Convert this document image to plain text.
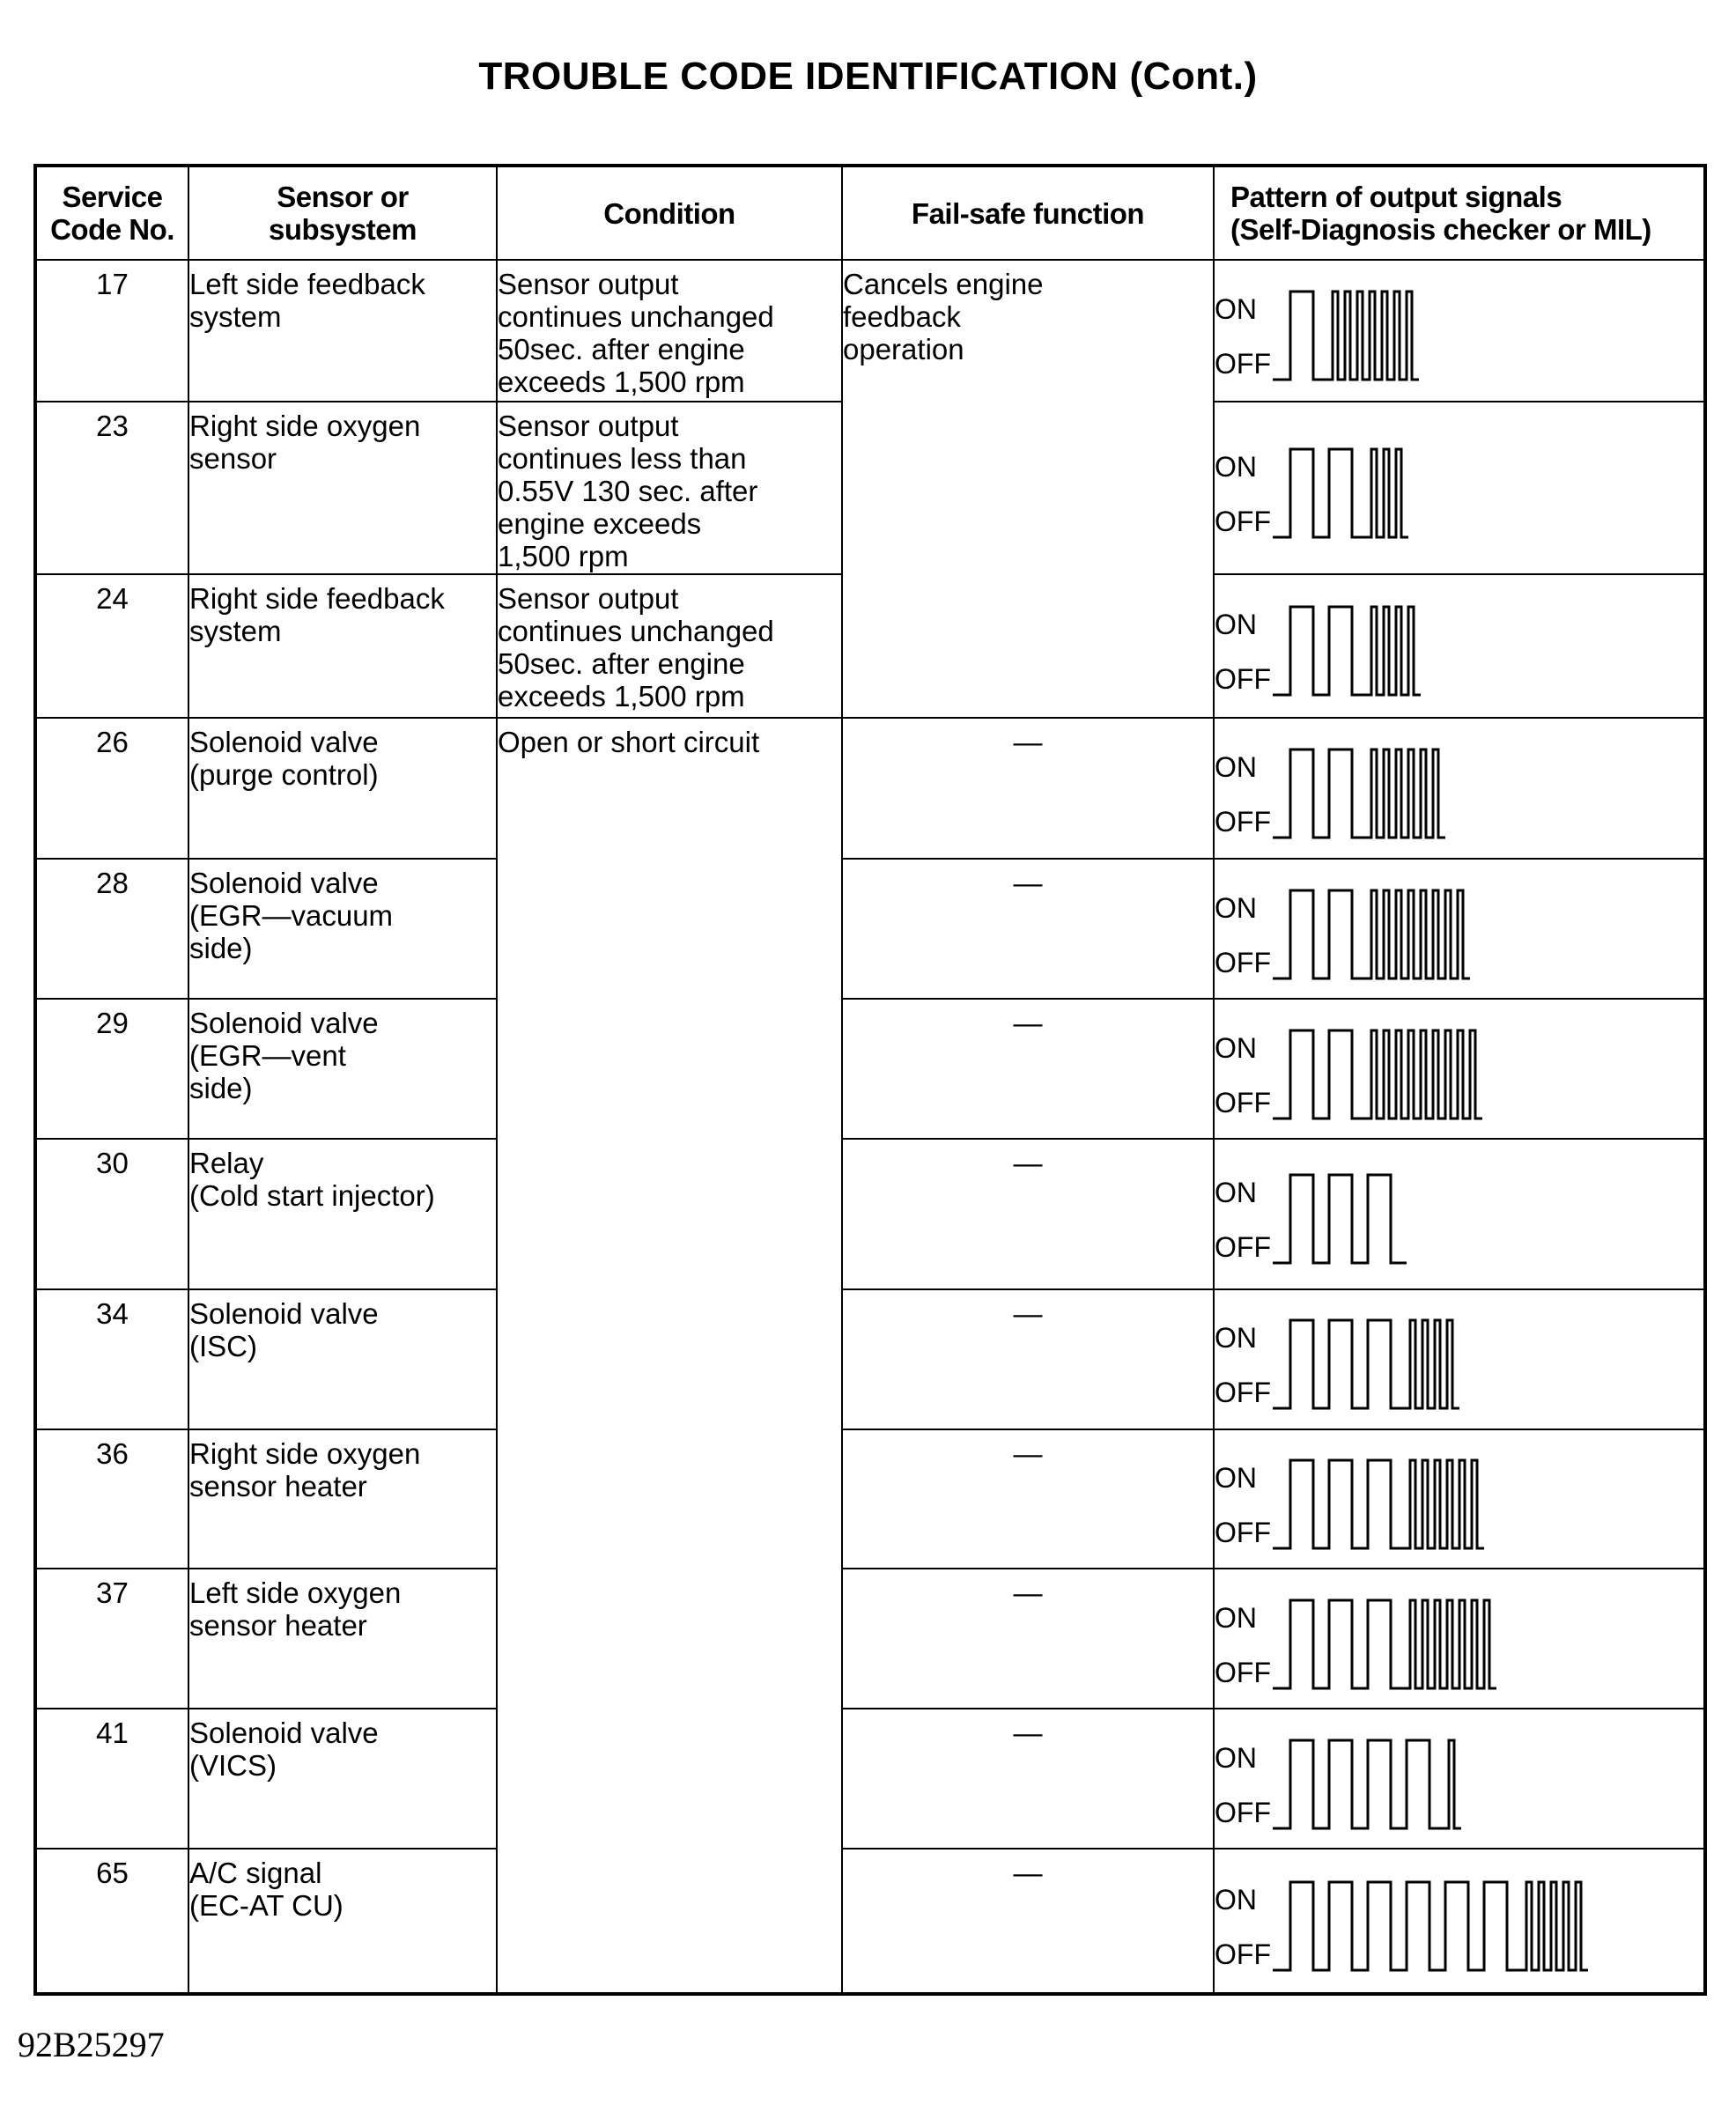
TROUBLE CODE IDENTIFICATION (Cont.)
Service
Code No.	Sensor or
subsystem	Condition	Fail-safe function	Pattern of output signals
(Self-Diagnosis checker or MIL)
17	Left side feedback
system	Sensor output
continues unchanged
50sec. after engine
exceeds 1,500 rpm	Cancels engine
feedback
operation	ON
OFF

23	Right side oxygen
sensor	Sensor output
continues less than
0.55V 130 sec. after
engine exceeds
1,500 rpm		ON
OFF

24	Right side feedback
system	Sensor output
continues unchanged
50sec. after engine
exceeds 1,500 rpm		ON
OFF

26	Solenoid valve
(purge control)	Open or short circuit	—	ON
OFF

28	Solenoid valve
(EGR—vacuum
side)		—	ON
OFF

29	Solenoid valve
(EGR—vent
side)		—	ON
OFF

30	Relay
(Cold start injector)		—	ON
OFF

34	Solenoid valve
(ISC)		—	ON
OFF

36	Right side oxygen
sensor heater		—	ON
OFF

37	Left side oxygen
sensor heater		—	ON
OFF

41	Solenoid valve
(VICS)		—	ON
OFF

65	A/C signal
(EC-AT CU)		—	ON
OFF
92B25297
